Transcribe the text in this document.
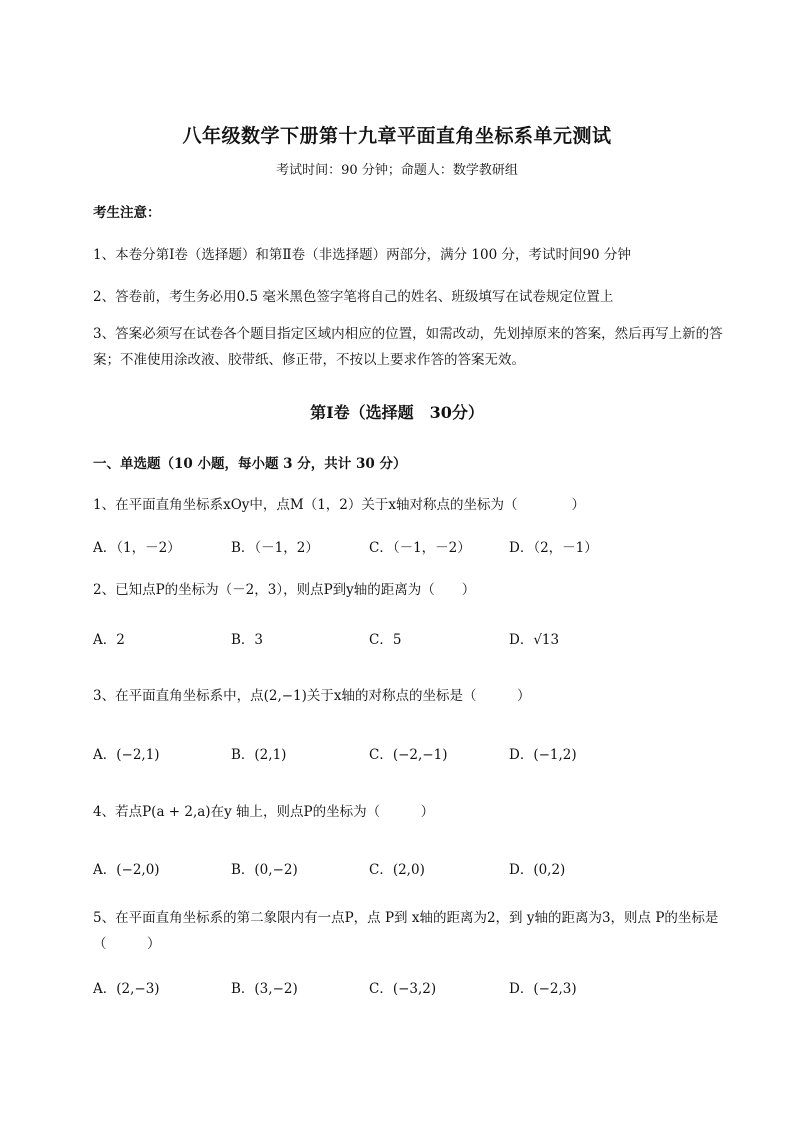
八年级数学下册第十九章平面直角坐标系单元测试
考试时间：90 分钟；命题人：数学教研组
考生注意：
1、本卷分第Ⅰ卷（选择题）和第Ⅱ卷（非选择题）两部分，满分 100 分，考试时间90 分钟
2、答卷前，考生务必用0.5 毫米黑色签字笔将自己的姓名、班级填写在试卷规定位置上
3、答案必须写在试卷各个题目指定区域内相应的位置，如需改动，先划掉原来的答案，然后再写上新的答案；不准使用涂改液、胶带纸、修正带，不按以上要求作答的答案无效。
第Ⅰ卷（选择题　30分）
一、单选题（10 小题，每小题 3 分，共计 30 分）
1、在平面直角坐标系xOy中，点M（1，2）关于x轴对称点的坐标为（　　　　）
A．（1，－2）	B．（－1，2）	C．（－1，－2）	D．（2，－1）
2、已知点P的坐标为（－2，3），则点P到y轴的距离为（　　）
A．2	B．3	C．5	D．√13
3、在平面直角坐标系中，点(2,−1)关于x轴的对称点的坐标是（　　　）
A．(−2,1)	B．(2,1)	C．(−2,−1)	D．(−1,2)
4、若点P(a + 2,a)在y 轴上，则点P的坐标为（　　　）
A．(−2,0)	B．(0,−2)	C．(2,0)	D．(0,2)
5、在平面直角坐标系的第二象限内有一点P，点 P到 x轴的距离为2，到 y轴的距离为3，则点 P的坐标是（　　　）
A．(2,−3)	B．(3,−2)	C．(−3,2)	D．(−2,3)
